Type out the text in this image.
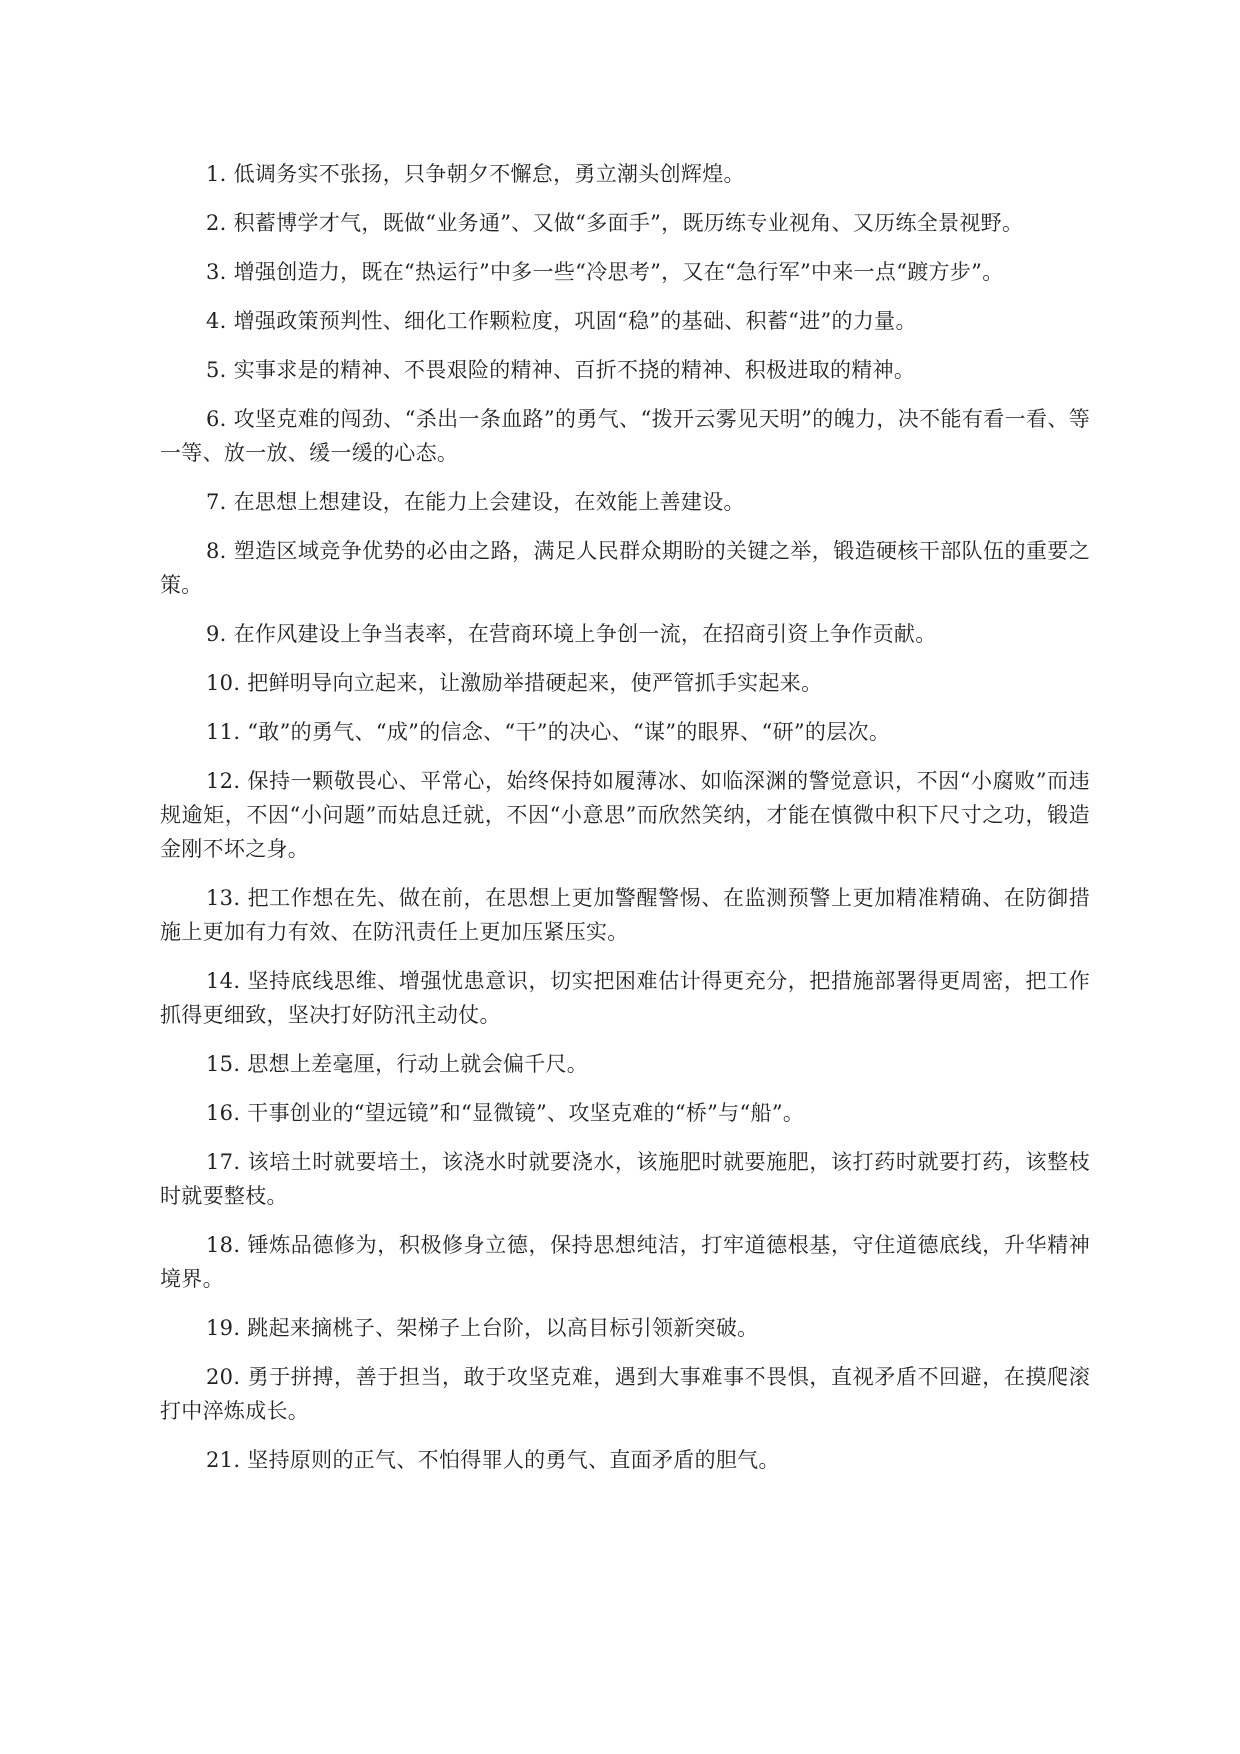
1. 低调务实不张扬，只争朝夕不懈怠，勇立潮头创辉煌。

2. 积蓄博学才气，既做“业务通”、又做“多面手”，既历练专业视角、又历练全景视野。

3. 增强创造力，既在“热运行”中多一些“冷思考”，又在“急行军”中来一点“踱方步”。

4. 增强政策预判性、细化工作颗粒度，巩固“稳”的基础、积蓄“进”的力量。

5. 实事求是的精神、不畏艰险的精神、百折不挠的精神、积极进取的精神。

6. 攻坚克难的闯劲、“杀出一条血路”的勇气、“拨开云雾见天明”的魄力，决不能有看一看、等一等、放一放、缓一缓的心态。

7. 在思想上想建设，在能力上会建设，在效能上善建设。

8. 塑造区域竞争优势的必由之路，满足人民群众期盼的关键之举，锻造硬核干部队伍的重要之策。

9. 在作风建设上争当表率，在营商环境上争创一流，在招商引资上争作贡献。

10. 把鲜明导向立起来，让激励举措硬起来，使严管抓手实起来。

11. “敢”的勇气、“成”的信念、“干”的决心、“谋”的眼界、“研”的层次。

12. 保持一颗敬畏心、平常心，始终保持如履薄冰、如临深渊的警觉意识，不因“小腐败”而违规逾矩，不因“小问题”而姑息迁就，不因“小意思”而欣然笑纳，才能在慎微中积下尺寸之功，锻造金刚不坏之身。

13. 把工作想在先、做在前，在思想上更加警醒警惕、在监测预警上更加精准精确、在防御措施上更加有力有效、在防汛责任上更加压紧压实。

14. 坚持底线思维、增强忧患意识，切实把困难估计得更充分，把措施部署得更周密，把工作抓得更细致，坚决打好防汛主动仗。

15. 思想上差毫厘，行动上就会偏千尺。

16. 干事创业的“望远镜”和“显微镜”、攻坚克难的“桥”与“船”。

17. 该培土时就要培土，该浇水时就要浇水，该施肥时就要施肥，该打药时就要打药，该整枝时就要整枝。

18. 锤炼品德修为，积极修身立德，保持思想纯洁，打牢道德根基，守住道德底线，升华精神境界。

19. 跳起来摘桃子、架梯子上台阶，以高目标引领新突破。

20. 勇于拼搏，善于担当，敢于攻坚克难，遇到大事难事不畏惧，直视矛盾不回避，在摸爬滚打中淬炼成长。

21. 坚持原则的正气、不怕得罪人的勇气、直面矛盾的胆气。
